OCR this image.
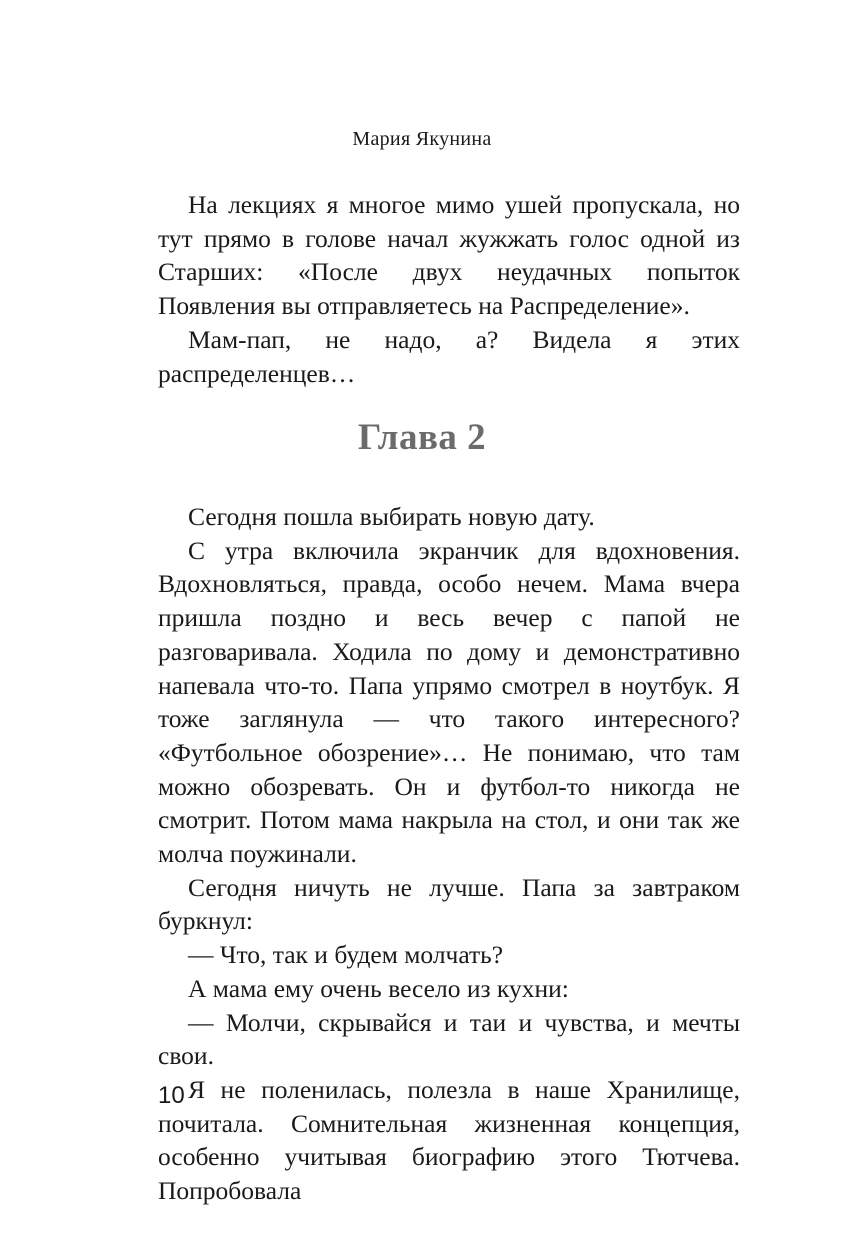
Мария Якунина

На лекциях я многое мимо ушей пропускала, но тут прямо в голове начал жужжать голос одной из Старших: «После двух неудачных попыток Появления вы отправляетесь на Распределение».

Мам-пап, не надо, а? Видела я этих распределенцев…

Глава 2

Сегодня пошла выбирать новую дату.

С утра включила экранчик для вдохновения. Вдохновляться, правда, особо нечем. Мама вчера пришла поздно и весь вечер с папой не разговаривала. Ходила по дому и демонстративно напевала что-то. Папа упрямо смотрел в ноутбук. Я тоже заглянула — что такого интересного? «Футбольное обозрение»… Не понимаю, что там можно обозревать. Он и футбол-то никогда не смотрит. Потом мама накрыла на стол, и они так же молча поужинали.

Сегодня ничуть не лучше. Папа за завтраком буркнул:

— Что, так и будем молчать?

А мама ему очень весело из кухни:

— Молчи, скрывайся и таи и чувства, и мечты свои.

Я не поленилась, полезла в наше Хранилище, почитала. Сомнительная жизненная концепция, особенно учитывая биографию этого Тютчева. Попробовала

10
